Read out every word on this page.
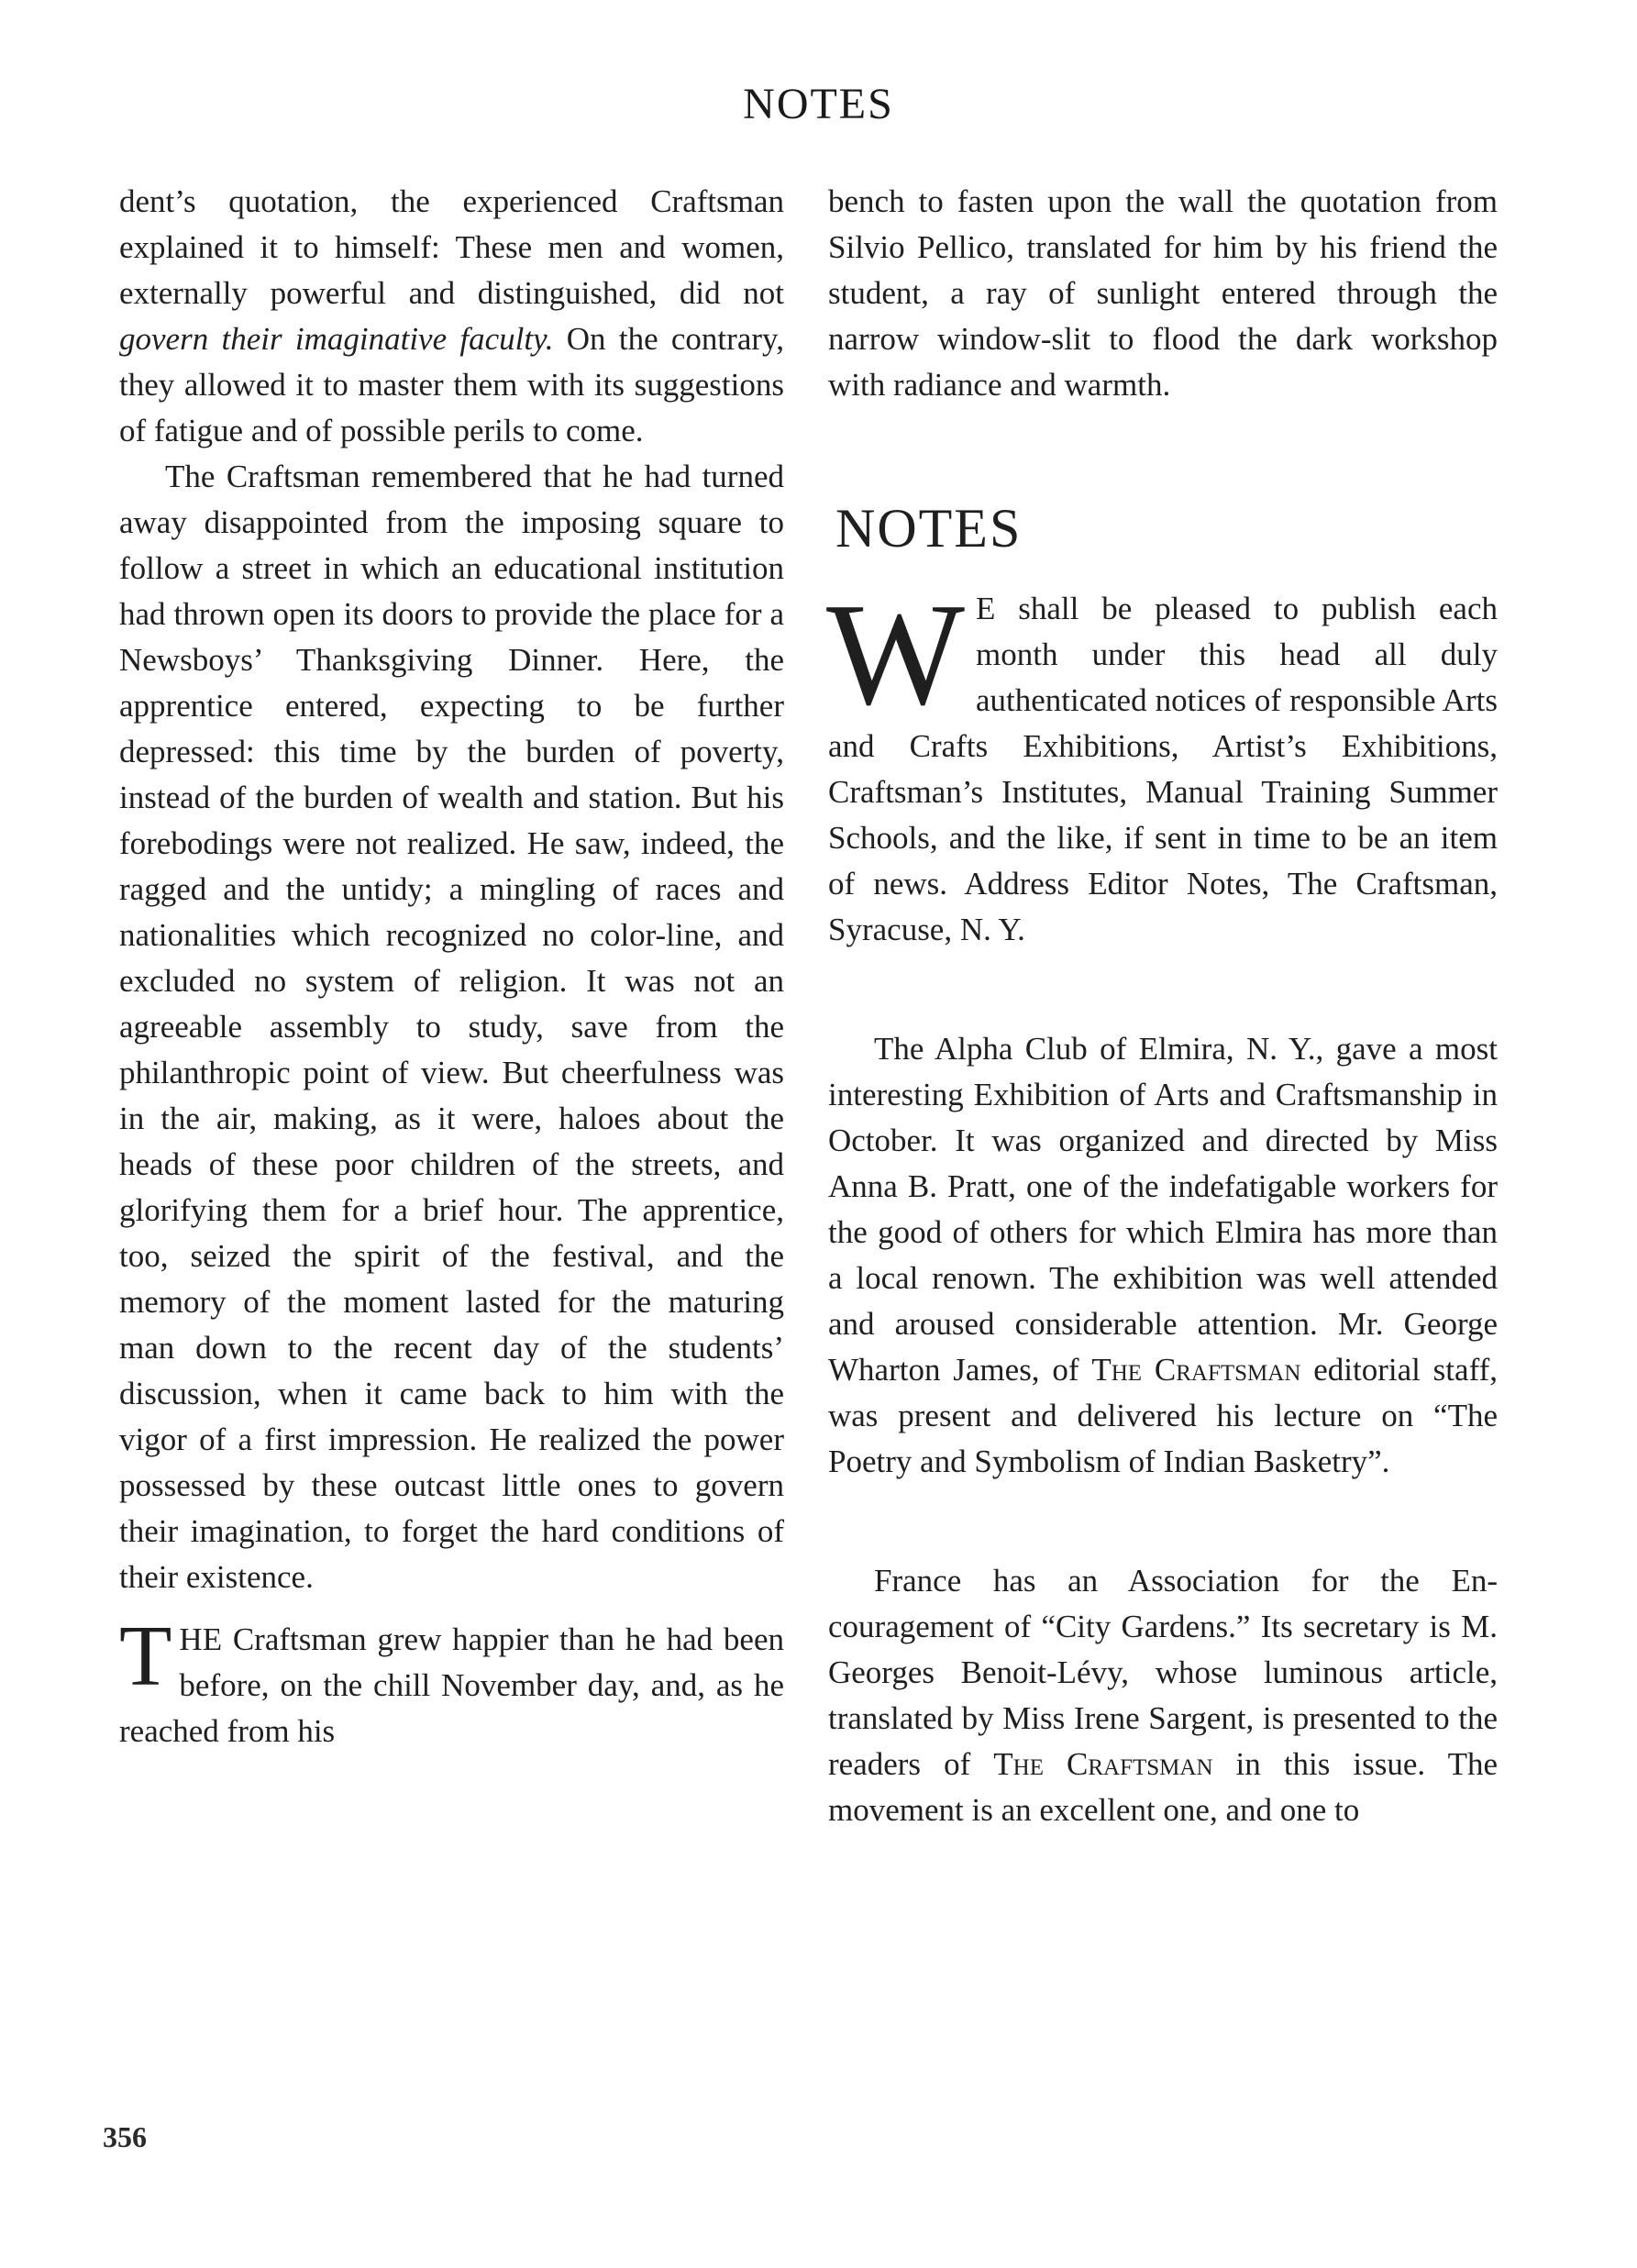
NOTES

dent’s quotation, the experienced Craftsman explained it to himself: These men and women, externally powerful and distinguished, did not govern their imaginative faculty. On the contrary, they allowed it to master them with its suggestions of fatigue and of possible perils to come.

The Craftsman remembered that he had turned away disappointed from the imposing square to follow a street in which an educational institution had thrown open its doors to provide the place for a Newsboys’ Thanksgiving Dinner. Here, the apprentice entered, expecting to be further depressed: this time by the burden of poverty, instead of the burden of wealth and station. But his forebodings were not realized. He saw, indeed, the ragged and the untidy; a mingling of races and nationalities which recognized no color-line, and excluded no system of religion. It was not an agreeable assembly to study, save from the philanthropic point of view. But cheerfulness was in the air, making, as it were, haloes about the heads of these poor children of the streets, and glorifying them for a brief hour. The apprentice, too, seized the spirit of the festival, and the memory of the moment lasted for the maturing man down to the recent day of the students’ discussion, when it came back to him with the vigor of a first impression. He realized the power possessed by these outcast little ones to govern their imagination, to forget the hard conditions of their existence.

THE Craftsman grew happier than he had been before, on the chill November day, and, as he reached from his

bench to fasten upon the wall the quotation from Silvio Pellico, translated for him by his friend the student, a ray of sunlight entered through the narrow window-slit to flood the dark workshop with radiance and warmth.

NOTES

W E shall be pleased to publish each month under this head all duly authenticated notices of responsible Arts and Crafts Exhibitions, Artist’s Exhibitions, Craftsman’s Institutes, Manual Training Summer Schools, and the like, if sent in time to be an item of news. Address Editor Notes, The Craftsman, Syracuse, N. Y.

The Alpha Club of Elmira, N. Y., gave a most interesting Exhibition of Arts and Craftsmanship in October. It was organized and directed by Miss Anna B. Pratt, one of the indefatigable workers for the good of others for which Elmira has more than a local renown. The exhibition was well attended and aroused considerable attention. Mr. George Wharton James, of The Craftsman editorial staff, was present and delivered his lecture on “The Poetry and Symbolism of Indian Basketry”.

France has an Association for the Encouragement of “City Gardens.” Its secretary is M. Georges Benoit-Lévy, whose luminous article, translated by Miss Irene Sargent, is presented to the readers of The Craftsman in this issue. The movement is an excellent one, and one to

356
